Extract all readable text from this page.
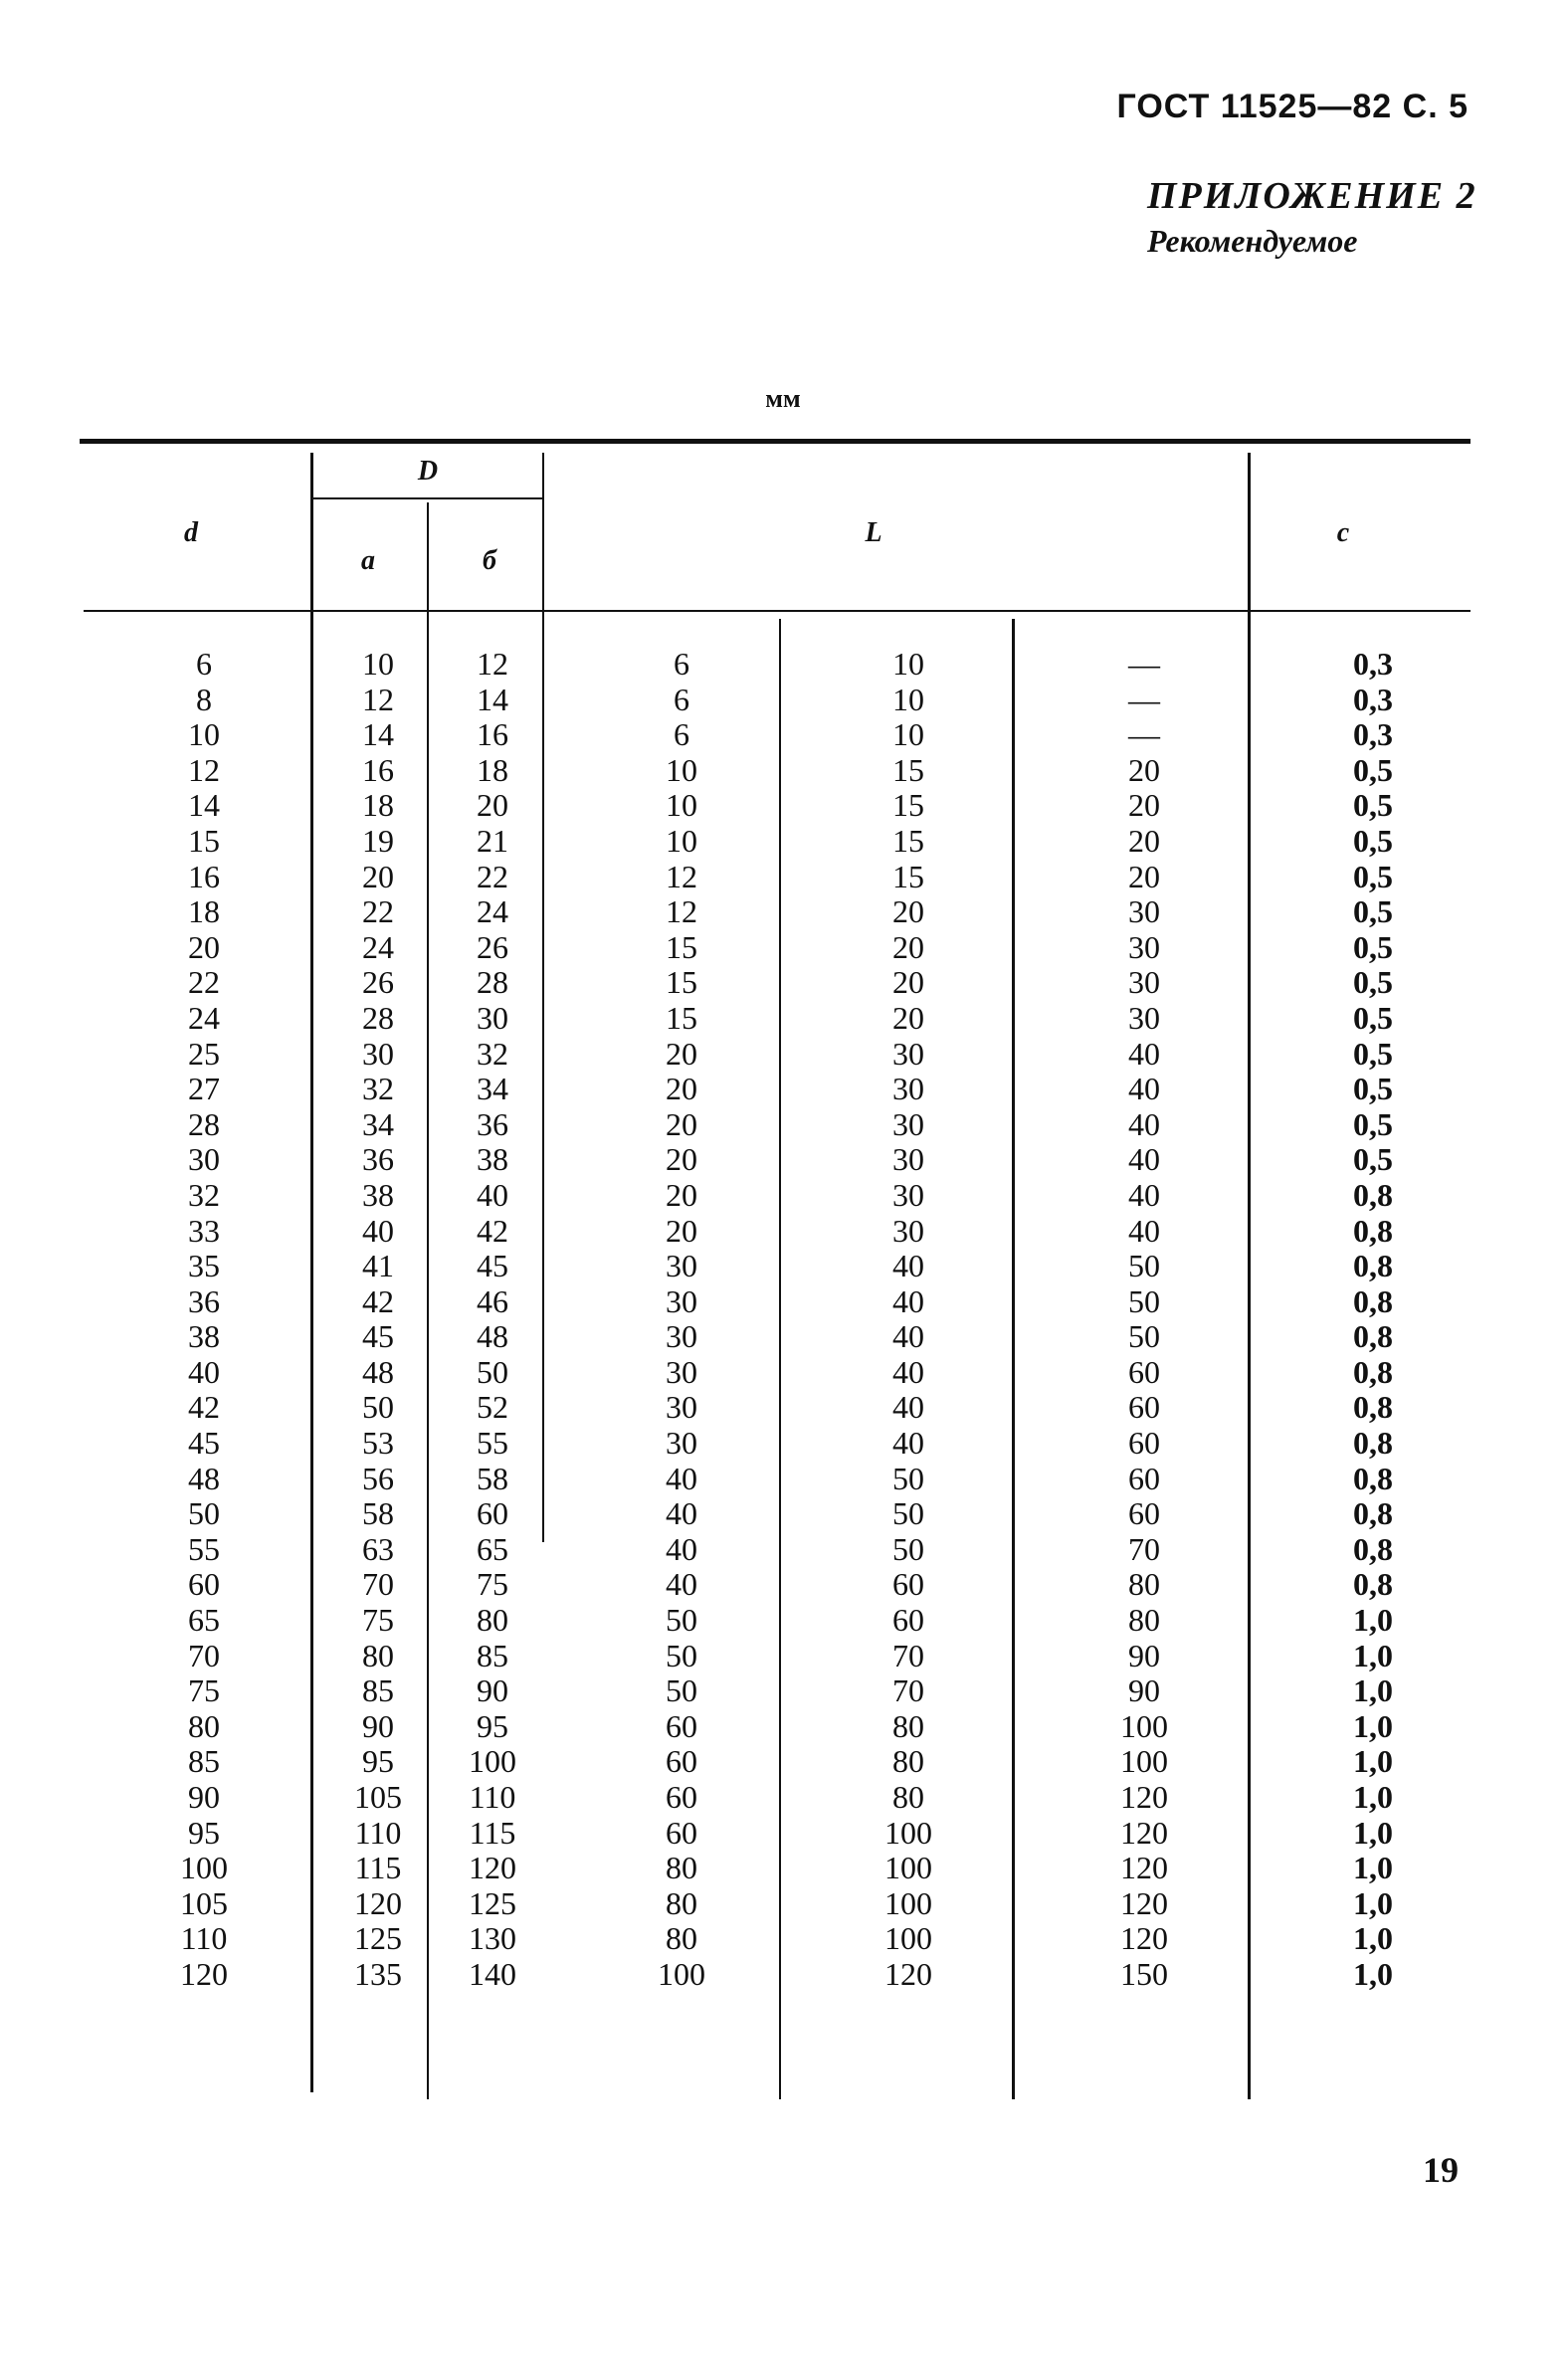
ГОСТ 11525—82 С. 5
ПРИЛОЖЕНИЕ 2
Рекомендуемое
мм
d
D
а	б
L	c
6
8
10
12
14
15
16
18
20
22
24
25
27
28
30
32
33
35
36
38
40
42
45
48
50
55
60
65
70
75
80
85
90
95
100
105
110
120
10
12
14
16
18
19
20
22
24
26
28
30
32
34
36
38
40
41
42
45
48
50
53
56
58
63
70
75
80
85
90
95
105
110
115
120
125
135
12
14
16
18
20
21
22
24
26
28
30
32
34
36
38
40
42
45
46
48
50
52
55
58
60
65
75
80
85
90
95
100
110
115
120
125
130
140
6
6
6
10
10
10
12
12
15
15
15
20
20
20
20
20
20
30
30
30
30
30
30
40
40
40
40
50
50
50
60
60
60
60
80
80
80
100
10
10
10
15
15
15
15
20
20
20
20
30
30
30
30
30
30
40
40
40
40
40
40
50
50
50
60
60
70
70
80
80
80
100
100
100
100
120
—
—
—
20
20
20
20
30
30
30
30
40
40
40
40
40
40
50
50
50
60
60
60
60
60
70
80
80
90
90
100
100
120
120
120
120
120
150
0,3
0,3
0,3
0,5
0,5
0,5
0,5
0,5
0,5
0,5
0,5
0,5
0,5
0,5
0,5
0,8
0,8
0,8
0,8
0,8
0,8
0,8
0,8
0,8
0,8
0,8
0,8
1,0
1,0
1,0
1,0
1,0
1,0
1,0
1,0
1,0
1,0
1,0
19
